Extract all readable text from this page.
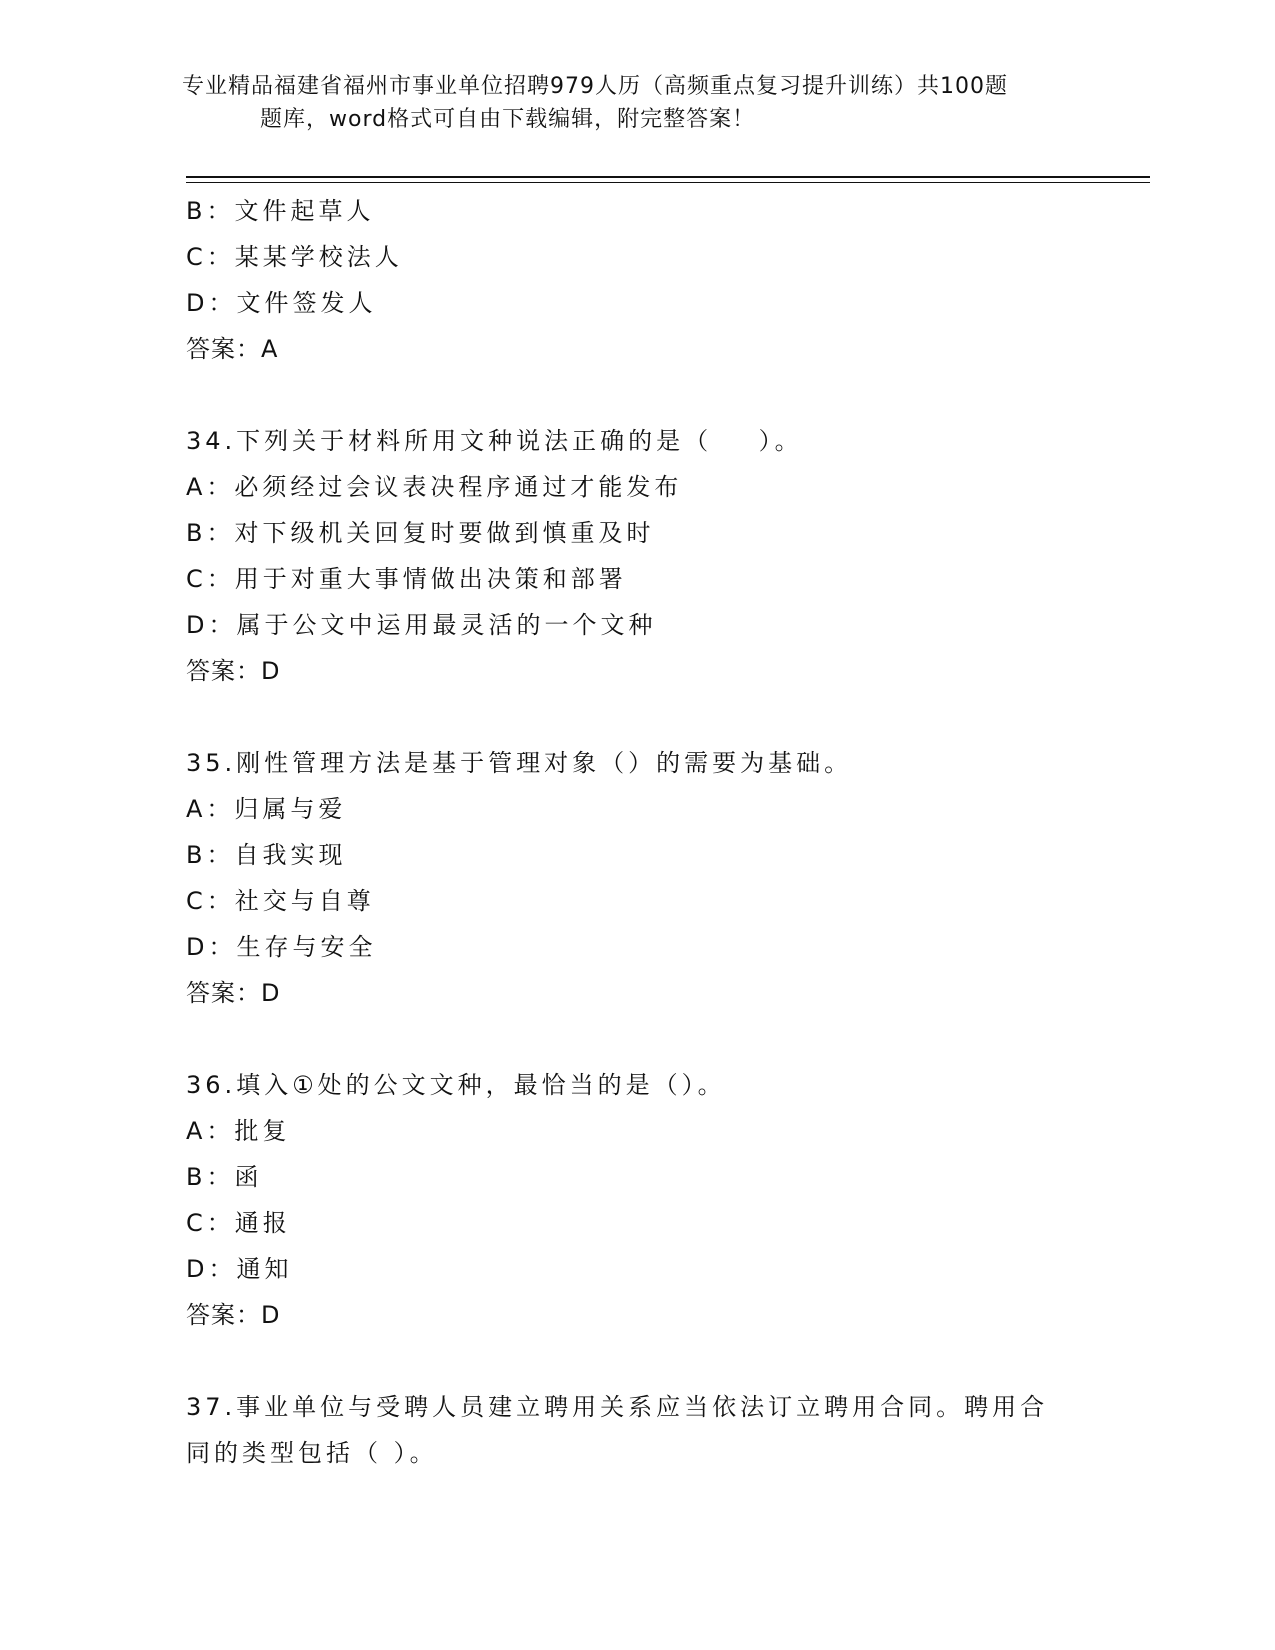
专业精品福建省福州市事业单位招聘979人历（高频重点复习提升训练）共100题
题库，word格式可自由下载编辑，附完整答案！
B：文件起草人
C：某某学校法人
D：文件签发人
答案：A
34.下列关于材料所用文种说法正确的是（    ）。
A：必须经过会议表决程序通过才能发布
B：对下级机关回复时要做到慎重及时
C：用于对重大事情做出决策和部署
D：属于公文中运用最灵活的一个文种
答案：D
35.刚性管理方法是基于管理对象（）的需要为基础。
A：归属与爱
B：自我实现
C：社交与自尊
D：生存与安全
答案：D
36.填入①处的公文文种，最恰当的是（）。
A：批复
B：函
C：通报
D：通知
答案：D
37.事业单位与受聘人员建立聘用关系应当依法订立聘用合同。聘用合同的类型包括（ ）。
